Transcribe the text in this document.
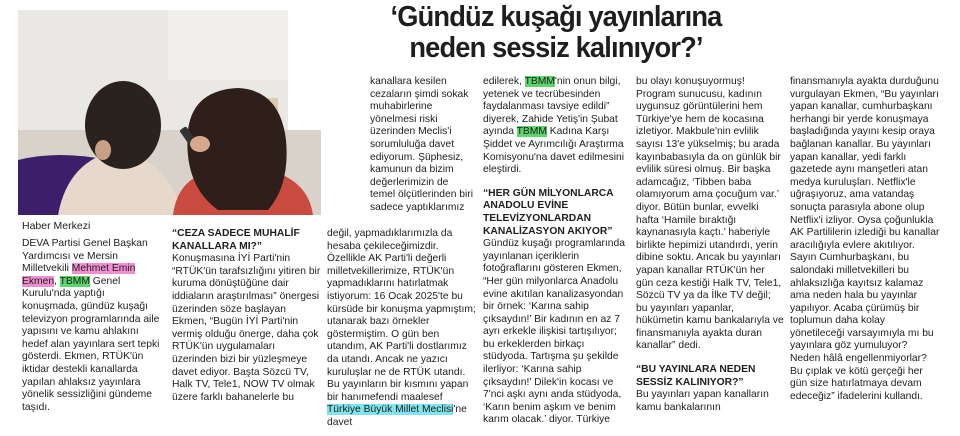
Haber Merkezi
‘Gündüz kuşağı yayınlarına
neden sessiz kalınıyor?’

DEVA Partisi Genel Başkan Yardımcısı ve Mersin Milletvekili Mehmet Emin Ekmen, TBMM Genel Kurulu'nda yaptığı konuşmada, gündüz kuşağı televizyon programlarında aile yapısını ve kamu ahlakını hedef alan yayınlara sert tepki gösterdi. Ekmen, RTÜK'ün iktidar destekli kanallarda yapılan ahlaksız yayınlara yönelik sessizliğini gündeme taşıdı.

“CEZA SADECE MUHALİF KANALLARA MI?”

Konuşmasına İYİ Parti'nin “RTÜK'ün tarafsızlığını yitiren bir kuruma dönüştüğüne dair iddiaların araştırılması” önergesi üzerinden söze başlayan Ekmen, “Bugün İYİ Parti'nin vermiş olduğu önerge, daha çok RTÜK'ün uygulamaları üzerinden bizi bir yüzleşmeye davet ediyor. Başta Sözcü TV, Halk TV, Tele1, NOW TV olmak üzere farklı bahanelerle bu

kanallara kesilen cezaların şimdi sokak muhabirlerine yönelmesi riski üzerinden Meclis'i sorumluluğa davet ediyorum. Şüphesiz, kamunun da bizim değerlerimizin de temel ölçütlerinden biri sadece yaptıklarımız

değil, yapmadıklarımızla da hesaba çekileceğimizdir. Özellikle AK Parti'li değerli milletvekillerimize, RTÜK'ün yapmadıklarını hatırlatmak istiyorum: 16 Ocak 2025'te bu kürsüde bir konuşma yapmıştım; utanarak bazı örnekler göstermiştim. O gün ben utandım, AK Parti'li dostlarımız da utandı. Ancak ne yazıcı kurulușlar ne de RTÜK utandı. Bu yayınların bir kısmını yapan bir hanımefendi maalesef Türkiye Büyük Millet Meclisi'ne davet

edilerek, TBMM'nin onun bilgi, yetenek ve tecrübesinden faydalanması tavsiye edildi” diyerek, Zahide Yetiş'in Şubat ayında TBMM Kadına Karşı Şiddet ve Ayrımcılığı Araştırma Komisyonu'na davet edilmesini eleştirdi.

“HER GÜN MİLYONLARCA ANADOLU EVİNE TELEVİZYONLARDAN KANALİZASYON AKIYOR”

Gündüz kuşağı programlarında yayınlanan içeriklerin fotoğraflarını gösteren Ekmen, “Her gün milyonlarca Anadolu evine akıtılan kanalizasyondan bir örnek: ‘Karına sahip çıksaydın!’ Bir kadının en az 7 ayrı erkekle ilişkisi tartışılıyor; bu erkeklerden birkaçı stüdyoda. Tartışma şu şekilde ilerliyor: ‘Karına sahip çıksaydın!’ Dilek'in kocası ve 7'nci aşkı aynı anda stüdyoda, ‘Karın benim aşkım ve benim karım olacak.’ diyor. Türkiye

bu olayı konuşuyormuş! Program sunucusu, kadının uygunsuz görüntülerini hem Türkiye'ye hem de kocasına izletiyor. Makbule'nin evlilik sayısı 13'e yükselmiş; bu arada kayınbabasıyla da on günlük bir evlilik süresi olmuş. Bir başka adamcağız, ‘Tibben baba olamıyorum ama çocuğum var.’ diyor. Bütün bunlar, evvelki hafta ‘Hamile bıraktığı kaynanasıyla kaçtı.’ haberiyle birlikte hepimizi utandırdı, yerin dibine soktu. Ancak bu yayınları yapan kanallar RTÜK'ün her gün ceza kestiği Halk TV, Tele1, Sözcü TV ya da İlke TV değil; bu yayınları yapanlar, hükümetin kamu bankalarıyla ve finansmanıyla ayakta duran kanallar” dedi.

“BU YAYINLARA NEDEN SESSİZ KALINIYOR?”

Bu yayınları yapan kanalların kamu bankalarının

finansmanıyla ayakta durduğunu vurgulayan Ekmen, “Bu yayınları yapan kanallar, cumhurbaşkanı herhangi bir yerde konuşmaya başladığında yayını kesip oraya bağlanan kanallar. Bu yayınları yapan kanallar, yedi farklı gazetede aynı manşetleri atan medya kuruluşları. Netflix'le uğraşıyoruz, ama vatandaş sonuçta parasıyla abone olup Netflix'i izliyor. Oysa çoğunlukla AK Partililerin izlediği bu kanallar aracılığıyla evlere akıtılıyor. Sayın Cumhurbaşkanı, bu salondaki milletvekilleri bu ahlaksızlığa kayıtsız kalamaz ama neden hala bu yayınlar yapılıyor. Acaba çürümüş bir toplumun daha kolay yönetileceği varsayımıyla mı bu yayınlara göz yumuluyor? Neden hâlâ engellenmiyorlar? Bu çıplak ve kötü gerçeği her gün size hatırlatmaya devam edeceğiz” ifadelerini kullandı.
